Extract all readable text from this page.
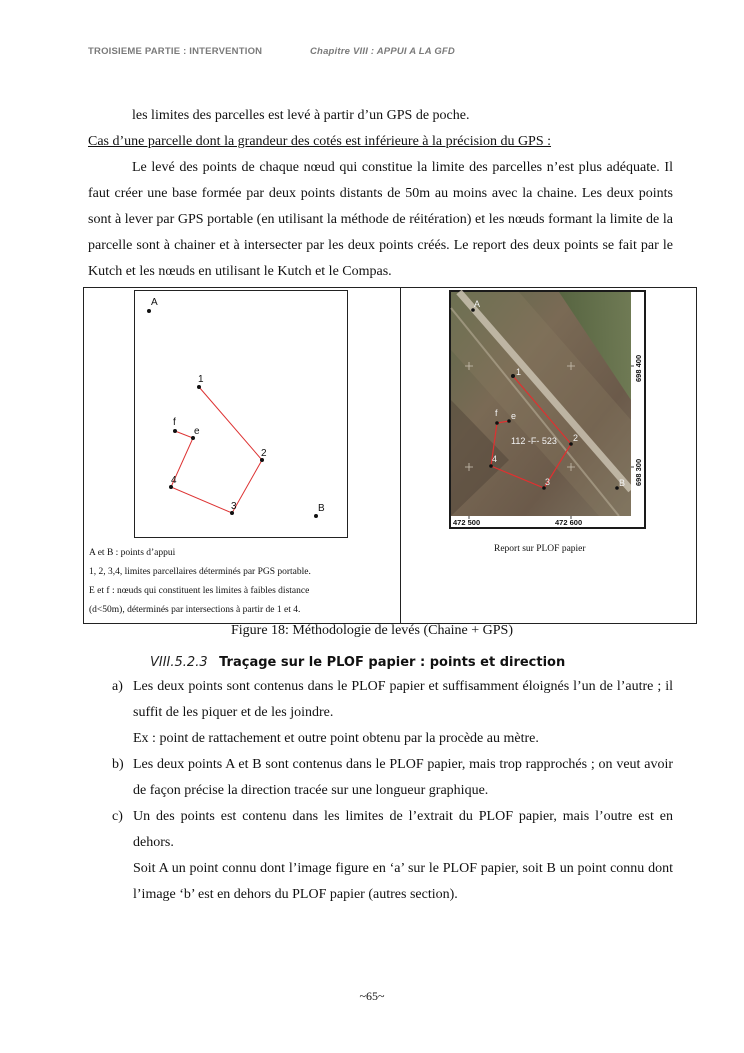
TROISIEME PARTIE : INTERVENTION	Chapitre VIII : APPUI A LA GFD
les limites des parcelles est levé à partir d’un GPS de poche.
Cas d’une parcelle dont la grandeur des cotés est inférieure à la précision du GPS :
Le levé des points de chaque nœud qui constitue la limite des parcelles n’est plus adéquate. Il faut créer une base formée par deux points distants de 50m au moins avec la chaine. Les deux points sont à lever par GPS portable (en utilisant la méthode de réitération) et les nœuds formant la limite de la parcelle sont à chainer et à intersecter par les deux points créés. Le report des deux points se fait par le Kutch et les nœuds en utilisant le Kutch et le Compas.
A
1
f
e
2
4
3	B
A et B : points d’appui
1, 2, 3,4, limites parcellaires déterminés par PGS portable.
E et f : nœuds qui constituent les limites à faibles distance
(d<50m), déterminés par intersections à partir de 1 et 4.
A
1
f e
2
4
3	B
112 -F- 523
472 500	472 600
698 400
698 300
Report sur PLOF papier
Figure 18: Méthodologie de levés (Chaine + GPS)
VIII.5.2.3 Traçage sur le PLOF papier : points et direction
a) Les deux points sont contenus dans le PLOF papier et suffisamment éloignés l’un de l’autre ; il suffit de les piquer et de les joindre.
Ex : point de rattachement et outre point obtenu par la procède au mètre.
b) Les deux points A et B sont contenus dans le PLOF papier, mais trop rapprochés ; on veut avoir de façon précise la direction tracée sur une longueur graphique.
c) Un des points est contenu dans les limites de l’extrait du PLOF papier, mais l’outre est en dehors.
Soit A un point connu dont l’image figure en ‘a’ sur le PLOF papier, soit B un point connu dont l’image ‘b’ est en dehors du PLOF papier (autres section).
~65~
